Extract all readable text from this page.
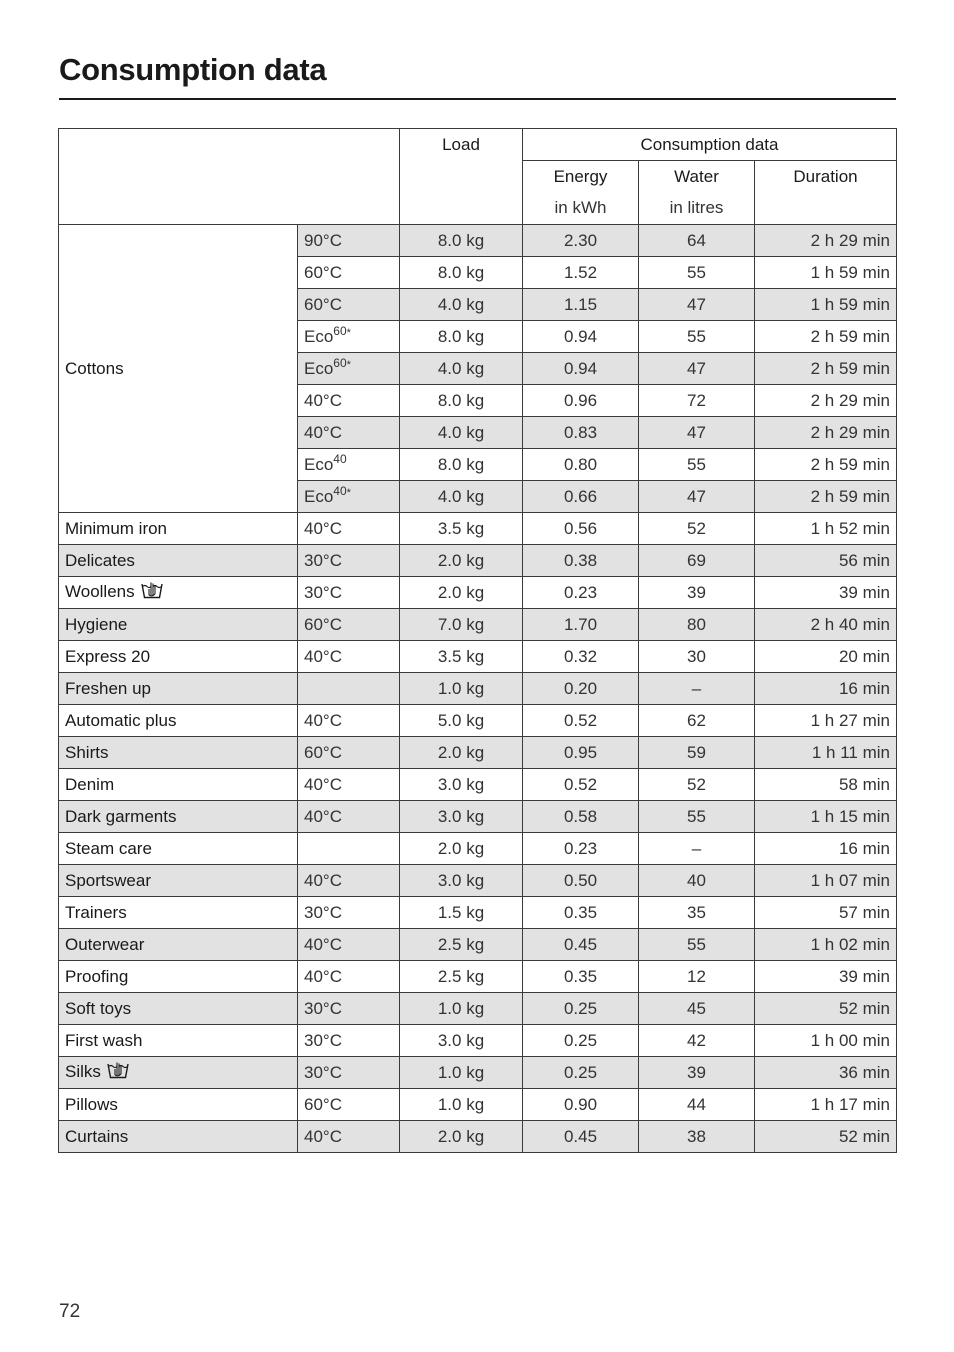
Consumption data
		Load	Consumption data		
			Energy	Water	Duration
			in kWh	in litres	
Cottons	90°C	8.0 kg	2.30	64	2 h 29 min
	60°C	8.0 kg	1.52	55	1 h 59 min
	60°C	4.0 kg	1.15	47	1 h 59 min
	Eco$^{60*}$	8.0 kg	0.94	55	2 h 59 min
	Eco$^{60*}$	4.0 kg	0.94	47	2 h 59 min
	40°C	8.0 kg	0.96	72	2 h 29 min
	40°C	4.0 kg	0.83	47	2 h 29 min
	Eco$^{40}$	8.0 kg	0.80	55	2 h 59 min
	Eco$^{40*}$	4.0 kg	0.66	47	2 h 59 min
Minimum iron	40°C	3.5 kg	0.56	52	1 h 52 min
Delicates	30°C	2.0 kg	0.38	69	56 min
Woollens	30°C	2.0 kg	0.23	39	39 min
Hygiene	60°C	7.0 kg	1.70	80	2 h 40 min
Express 20	40°C	3.5 kg	0.32	30	20 min
Freshen up		1.0 kg	0.20	–	16 min
Automatic plus	40°C	5.0 kg	0.52	62	1 h 27 min
Shirts	60°C	2.0 kg	0.95	59	1 h 11 min
Denim	40°C	3.0 kg	0.52	52	58 min
Dark garments	40°C	3.0 kg	0.58	55	1 h 15 min
Steam care		2.0 kg	0.23	–	16 min
Sportswear	40°C	3.0 kg	0.50	40	1 h 07 min
Trainers	30°C	1.5 kg	0.35	35	57 min
Outerwear	40°C	2.5 kg	0.45	55	1 h 02 min
Proofing	40°C	2.5 kg	0.35	12	39 min
Soft toys	30°C	1.0 kg	0.25	45	52 min
First wash	30°C	3.0 kg	0.25	42	1 h 00 min
Silks	30°C	1.0 kg	0.25	39	36 min
Pillows	60°C	1.0 kg	0.90	44	1 h 17 min
Curtains	40°C	2.0 kg	0.45	38	52 min
72
